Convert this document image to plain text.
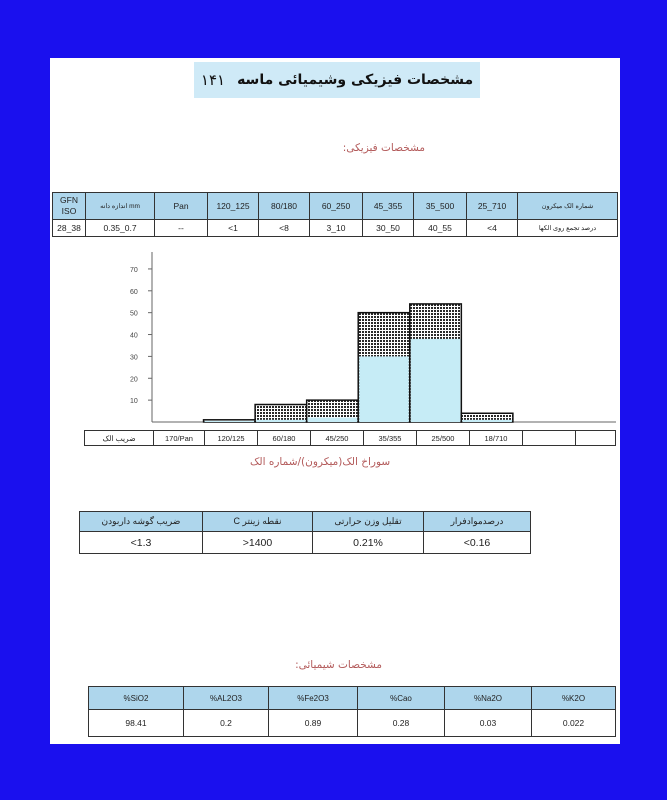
مشخصات فیزیکی وشیمیائی ماسه
۱۴۱
مشخصات فیزیکی:
GFN ISO	mm اندازه دانه	Pan	120_125	80/180	60_250	45_355	35_500	25_710	شماره الک میکرون
28_38	0.35_0.7	--	<1	<8	3_10	30_50	40_55	<4	درصد تجمع روی الکها
10
20
30
40
50
60
70
ضریب الک	170/Pan	120/125	60/180	45/250	35/355	25/500	18/710		
سوراخ الک(میکرون)/شماره الک
ضریب گوشه داربودن	نقطه زینتر C	تقلیل وزن حرارتی	درصدموادفرار
<1.3	>1400	0.21%	<0.16
مشخصات شیمیائی:
%SiO2	%AL2O3	%Fe2O3	%Cao	%Na2O	%K2O
98.41	0.2	0.89	0.28	0.03	0.022
